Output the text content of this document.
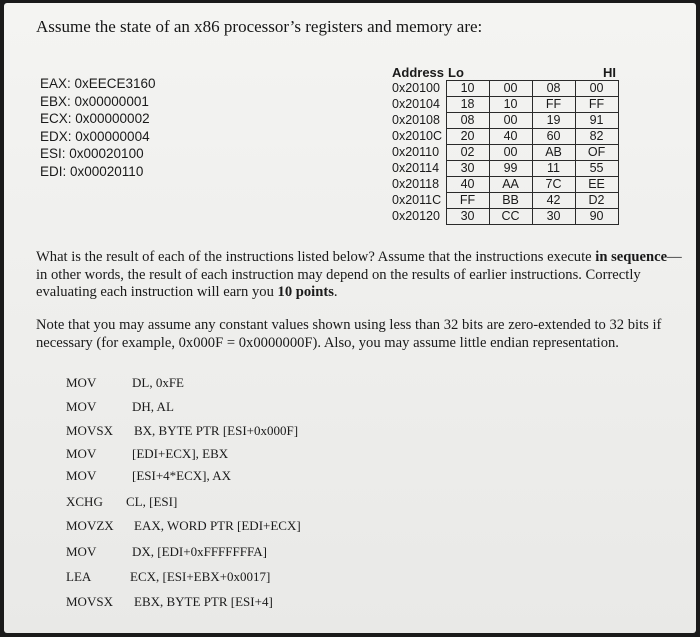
Assume the state of an x86 processor’s registers and memory are:
EAX: 0xEECE3160
EBX: 0x00000001
ECX: 0x00000002
EDX: 0x00000004
ESI: 0x00020100
EDI: 0x00020110
Address	Lo			HI
0x20100	10	00	08	00
0x20104	18	10	FF	FF
0x20108	08	00	19	91
0x2010C	20	40	60	82
0x20110	02	00	AB	OF
0x20114	30	99	11	55
0x20118	40	AA	7C	EE
0x2011C	FF	BB	42	D2
0x20120	30	CC	30	90
What is the result of each of the instructions listed below? Assume that the instructions execute in sequence—in other words, the result of each instruction may depend on the results of earlier instructions. Correctly evaluating each instruction will earn you 10 points.
Note that you may assume any constant values shown using less than 32 bits are zero-extended to 32 bits if necessary (for example, 0x000F = 0x0000000F). Also, you may assume little endian representation.
MOV	DL, 0xFE
MOV	DH, AL
MOVSX BX, BYTE PTR [ESI+0x000F]
MOV	[EDI+ECX], EBX
MOV	[ESI+4*ECX], AX
XCHG CL, [ESI]
MOVZX EAX, WORD PTR [EDI+ECX]
MOV	DX, [EDI+0xFFFFFFFA]
LEA	ECX, [ESI+EBX+0x0017]
MOVSX EBX, BYTE PTR [ESI+4]
